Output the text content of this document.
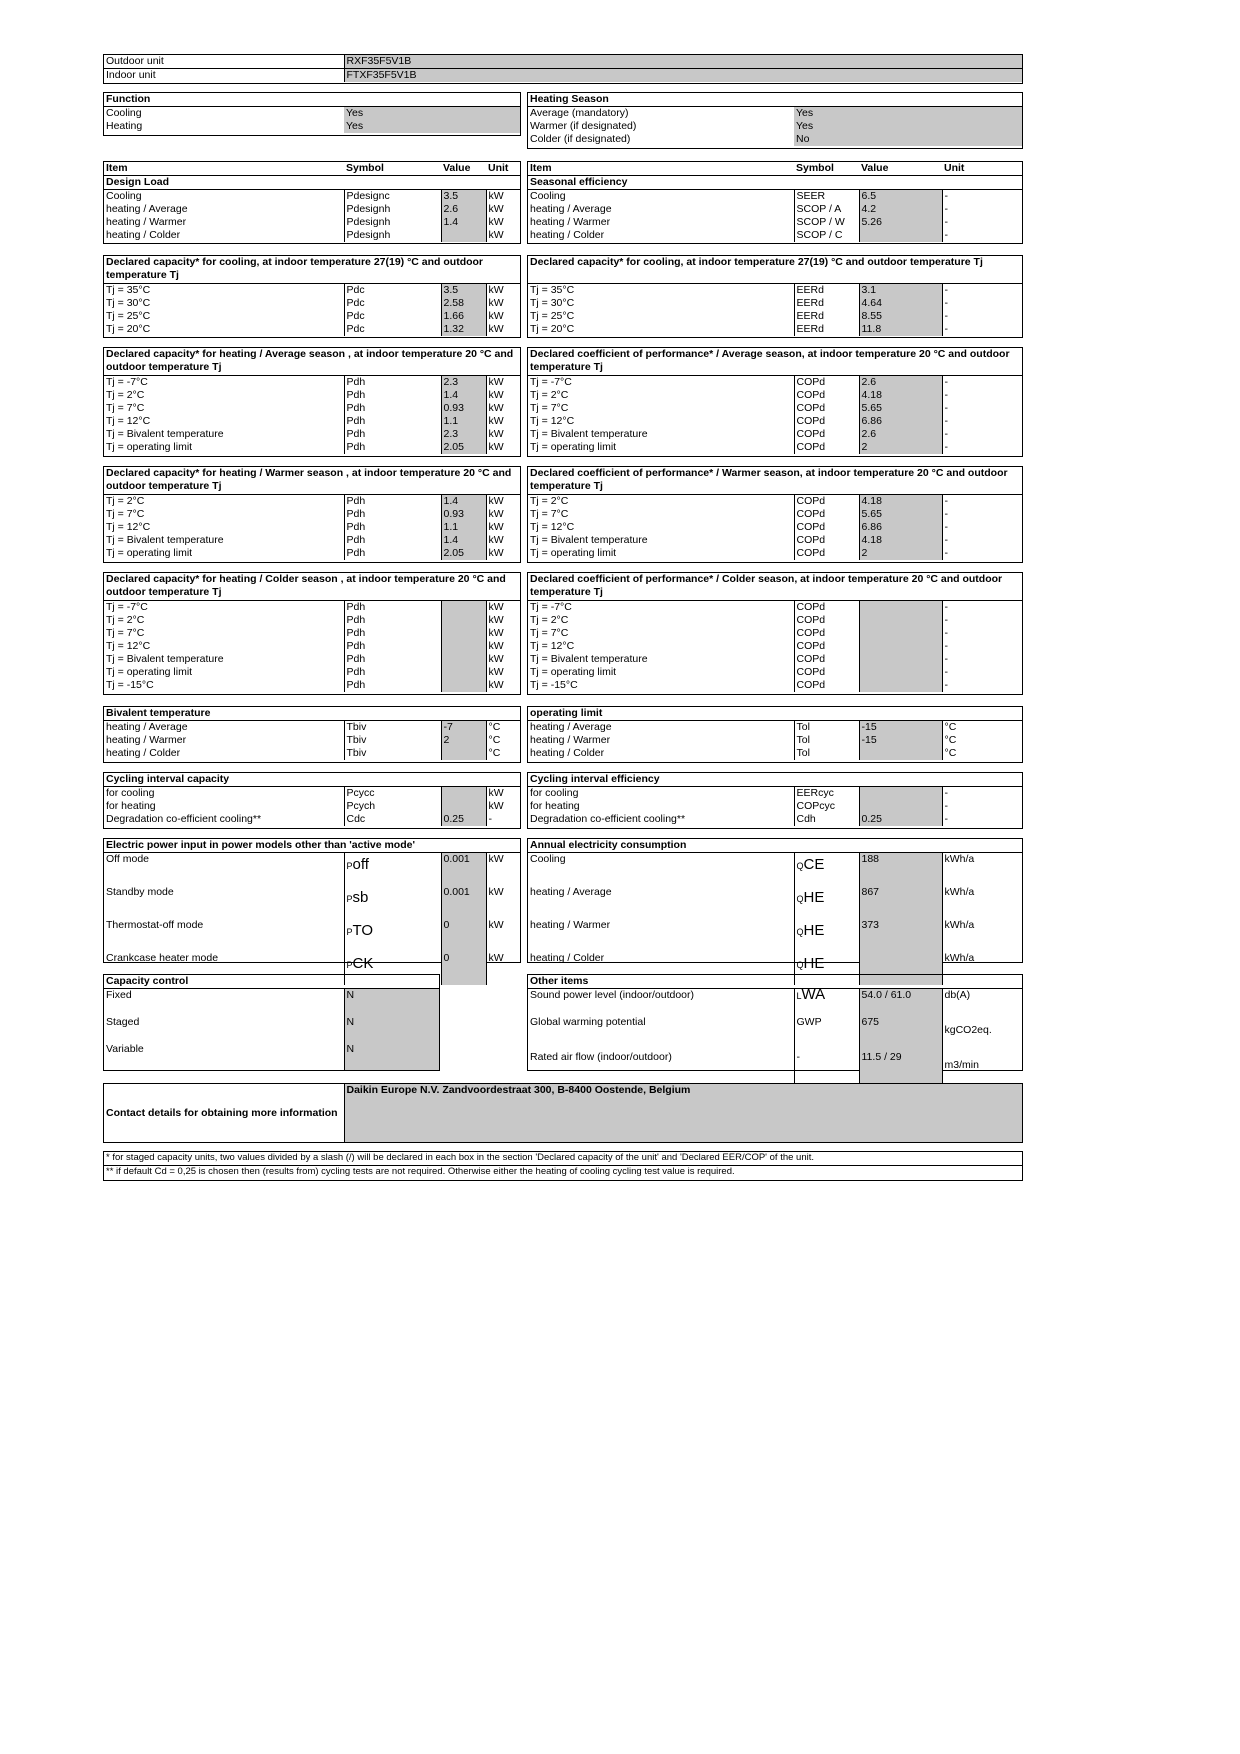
Outdoor unit	RXF35F5V1B
Indoor unit	FTXF35F5V1B
Function	
Cooling	Yes
Heating	Yes
Heating Season	
Average (mandatory)	Yes
Warmer (if designated)	Yes
Colder (if designated)	No
Item	Symbol	Value	Unit
Design Load			
Cooling	Pdesignc	3.5	kW
heating / Average	Pdesignh	2.6	kW
heating / Warmer	Pdesignh	1.4	kW
heating / Colder	Pdesignh		kW
Item	Symbol	Value	Unit
Seasonal efficiency			
Cooling	SEER	6.5	-
heating / Average	SCOP / A	4.2	-
heating / Warmer	SCOP / W	5.26	-
heating / Colder	SCOP / C		-
Declared capacity* for cooling, at indoor temperature 27(19) °C and outdoor temperature Tj			
Tj = 35°C	Pdc	3.5	kW
Tj = 30°C	Pdc	2.58	kW
Tj = 25°C	Pdc	1.66	kW
Tj = 20°C	Pdc	1.32	kW
Declared capacity* for cooling, at indoor temperature 27(19) °C and outdoor temperature Tj			
Tj = 35°C	EERd	3.1	-
Tj = 30°C	EERd	4.64	-
Tj = 25°C	EERd	8.55	-
Tj = 20°C	EERd	11.8	-
Declared capacity* for heating / Average season , at indoor temperature 20 °C and outdoor temperature Tj			
Tj = -7°C	Pdh	2.3	kW
Tj = 2°C	Pdh	1.4	kW
Tj = 7°C	Pdh	0.93	kW
Tj = 12°C	Pdh	1.1	kW
Tj = Bivalent temperature	Pdh	2.3	kW
Tj = operating limit	Pdh	2.05	kW
Declared coefficient of performance* / Average season, at indoor temperature 20 °C and outdoor temperature Tj			
Tj = -7°C	COPd	2.6	-
Tj = 2°C	COPd	4.18	-
Tj = 7°C	COPd	5.65	-
Tj = 12°C	COPd	6.86	-
Tj = Bivalent temperature	COPd	2.6	-
Tj = operating limit	COPd	2	-
Declared capacity* for heating / Warmer season , at indoor temperature 20 °C and outdoor temperature Tj			
Tj = 2°C	Pdh	1.4	kW
Tj = 7°C	Pdh	0.93	kW
Tj = 12°C	Pdh	1.1	kW
Tj = Bivalent temperature	Pdh	1.4	kW
Tj = operating limit	Pdh	2.05	kW
Declared coefficient of performance* / Warmer season, at indoor temperature 20 °C and outdoor temperature Tj			
Tj = 2°C	COPd	4.18	-
Tj = 7°C	COPd	5.65	-
Tj = 12°C	COPd	6.86	-
Tj = Bivalent temperature	COPd	4.18	-
Tj = operating limit	COPd	2	-
Declared capacity* for heating / Colder season , at indoor temperature 20 °C and outdoor temperature Tj			
Tj = -7°C	Pdh		kW
Tj = 2°C	Pdh		kW
Tj = 7°C	Pdh		kW
Tj = 12°C	Pdh		kW
Tj = Bivalent temperature	Pdh		kW
Tj = operating limit	Pdh		kW
Tj = -15°C	Pdh		kW
Declared coefficient of performance* / Colder season, at indoor temperature 20 °C and outdoor temperature Tj			
Tj = -7°C	COPd		-
Tj = 2°C	COPd		-
Tj = 7°C	COPd		-
Tj = 12°C	COPd		-
Tj = Bivalent temperature	COPd		-
Tj = operating limit	COPd		-
Tj = -15°C	COPd		-
Bivalent temperature			
heating / Average	Tbiv	-7	°C
heating / Warmer	Tbiv	2	°C
heating / Colder	Tbiv		°C
operating limit			
heating / Average	Tol	-15	°C
heating / Warmer	Tol	-15	°C
heating / Colder	Tol		°C
Cycling interval capacity			
for cooling	Pcycc		kW
for heating	Pcych		kW
Degradation co-efficient cooling**	Cdc	0.25	-
Cycling interval efficiency			
for cooling	EERcyc		-
for heating	COPcyc		-
Degradation co-efficient cooling**	Cdh	0.25	-
Electric power input in power models other than 'active mode'			
Off mode	Poff	0.001	kW
Standby mode	Psb	0.001	kW
Thermostat-off mode	PTO	0	kW
Crankcase heater mode	PCK	0	kW
Annual electricity consumption			
Cooling	QCE	188	kWh/a
heating / Average	QHE	867	kWh/a
heating / Warmer	QHE	373	kWh/a
heating / Colder	QHE		kWh/a
Capacity control	
Fixed	N
Staged	N
Variable	N
Other items			
Sound power level (indoor/outdoor)	LWA	54.0 / 61.0	db(A)
Global warming potential	GWP	675	kgCO2eq.
Rated air flow (indoor/outdoor)	-	11.5 / 29	m3/min
Contact details for obtaining more information	Daikin Europe N.V. Zandvoordestraat 300, B-8400 Oostende, Belgium
* for staged capacity units, two values divided by a slash (/) will be declared in each box in the section 'Declared capacity of the unit' and 'Declared EER/COP' of the unit.
** if default Cd = 0,25 is chosen then (results from) cycling tests are not required. Otherwise either the heating of cooling cycling test value is required.
